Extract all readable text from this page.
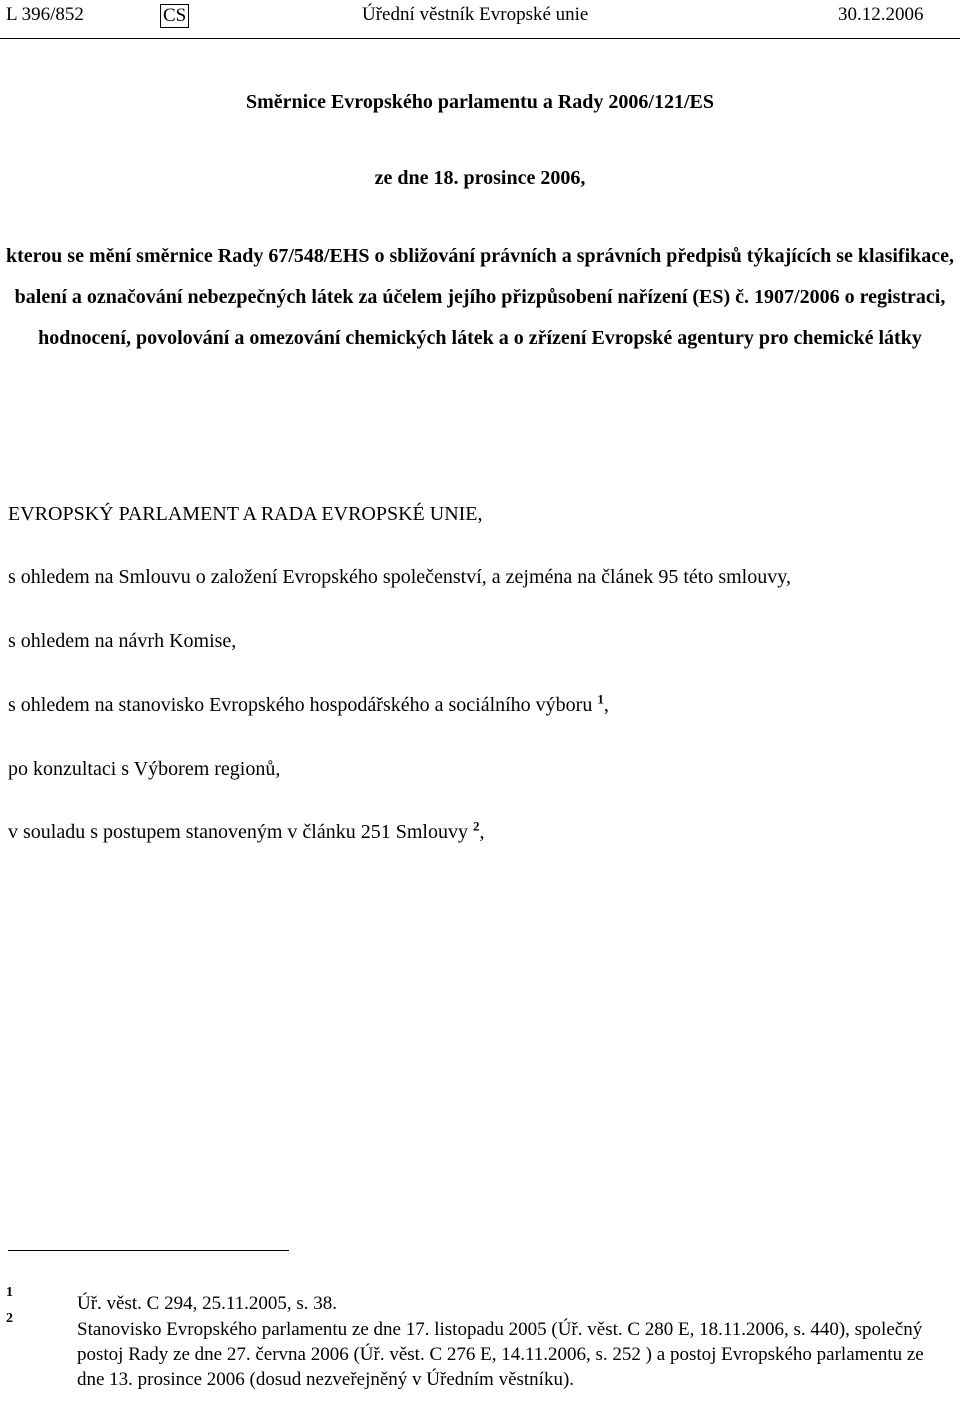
L 396/852	CS	Úřední věstník Evropské unie	30.12.2006
Směrnice Evropského parlamentu a Rady 2006/121/ES
ze dne 18. prosince 2006,
kterou se mění směrnice Rady 67/548/EHS o sbližování právních a správních předpisů týkajících se klasifikace, balení a označování nebezpečných látek za účelem jejího přizpůsobení nařízení (ES) č. 1907/2006 o registraci, hodnocení, povolování a omezování chemických látek a o zřízení Evropské agentury pro chemické látky
EVROPSKÝ PARLAMENT A RADA EVROPSKÉ UNIE,
s ohledem na Smlouvu o založení Evropského společenství, a zejména na článek 95 této smlouvy,
s ohledem na návrh Komise,
s ohledem na stanovisko Evropského hospodářského a sociálního výboru $^1$,
po konzultaci s Výborem regionů,
v souladu s postupem stanoveným v článku 251 Smlouvy $^2$,
1
Úř. věst. C 294, 25.11.2005, s. 38.
2
Stanovisko Evropského parlamentu ze dne 17. listopadu 2005 (Úř. věst. C 280 E, 18.11.2006, s. 440), společný postoj Rady ze dne 27. června 2006 (Úř. věst. C 276 E, 14.11.2006, s. 252 ) a postoj Evropského parlamentu ze dne 13. prosince 2006 (dosud nezveřejněný v Úředním věstníku).
